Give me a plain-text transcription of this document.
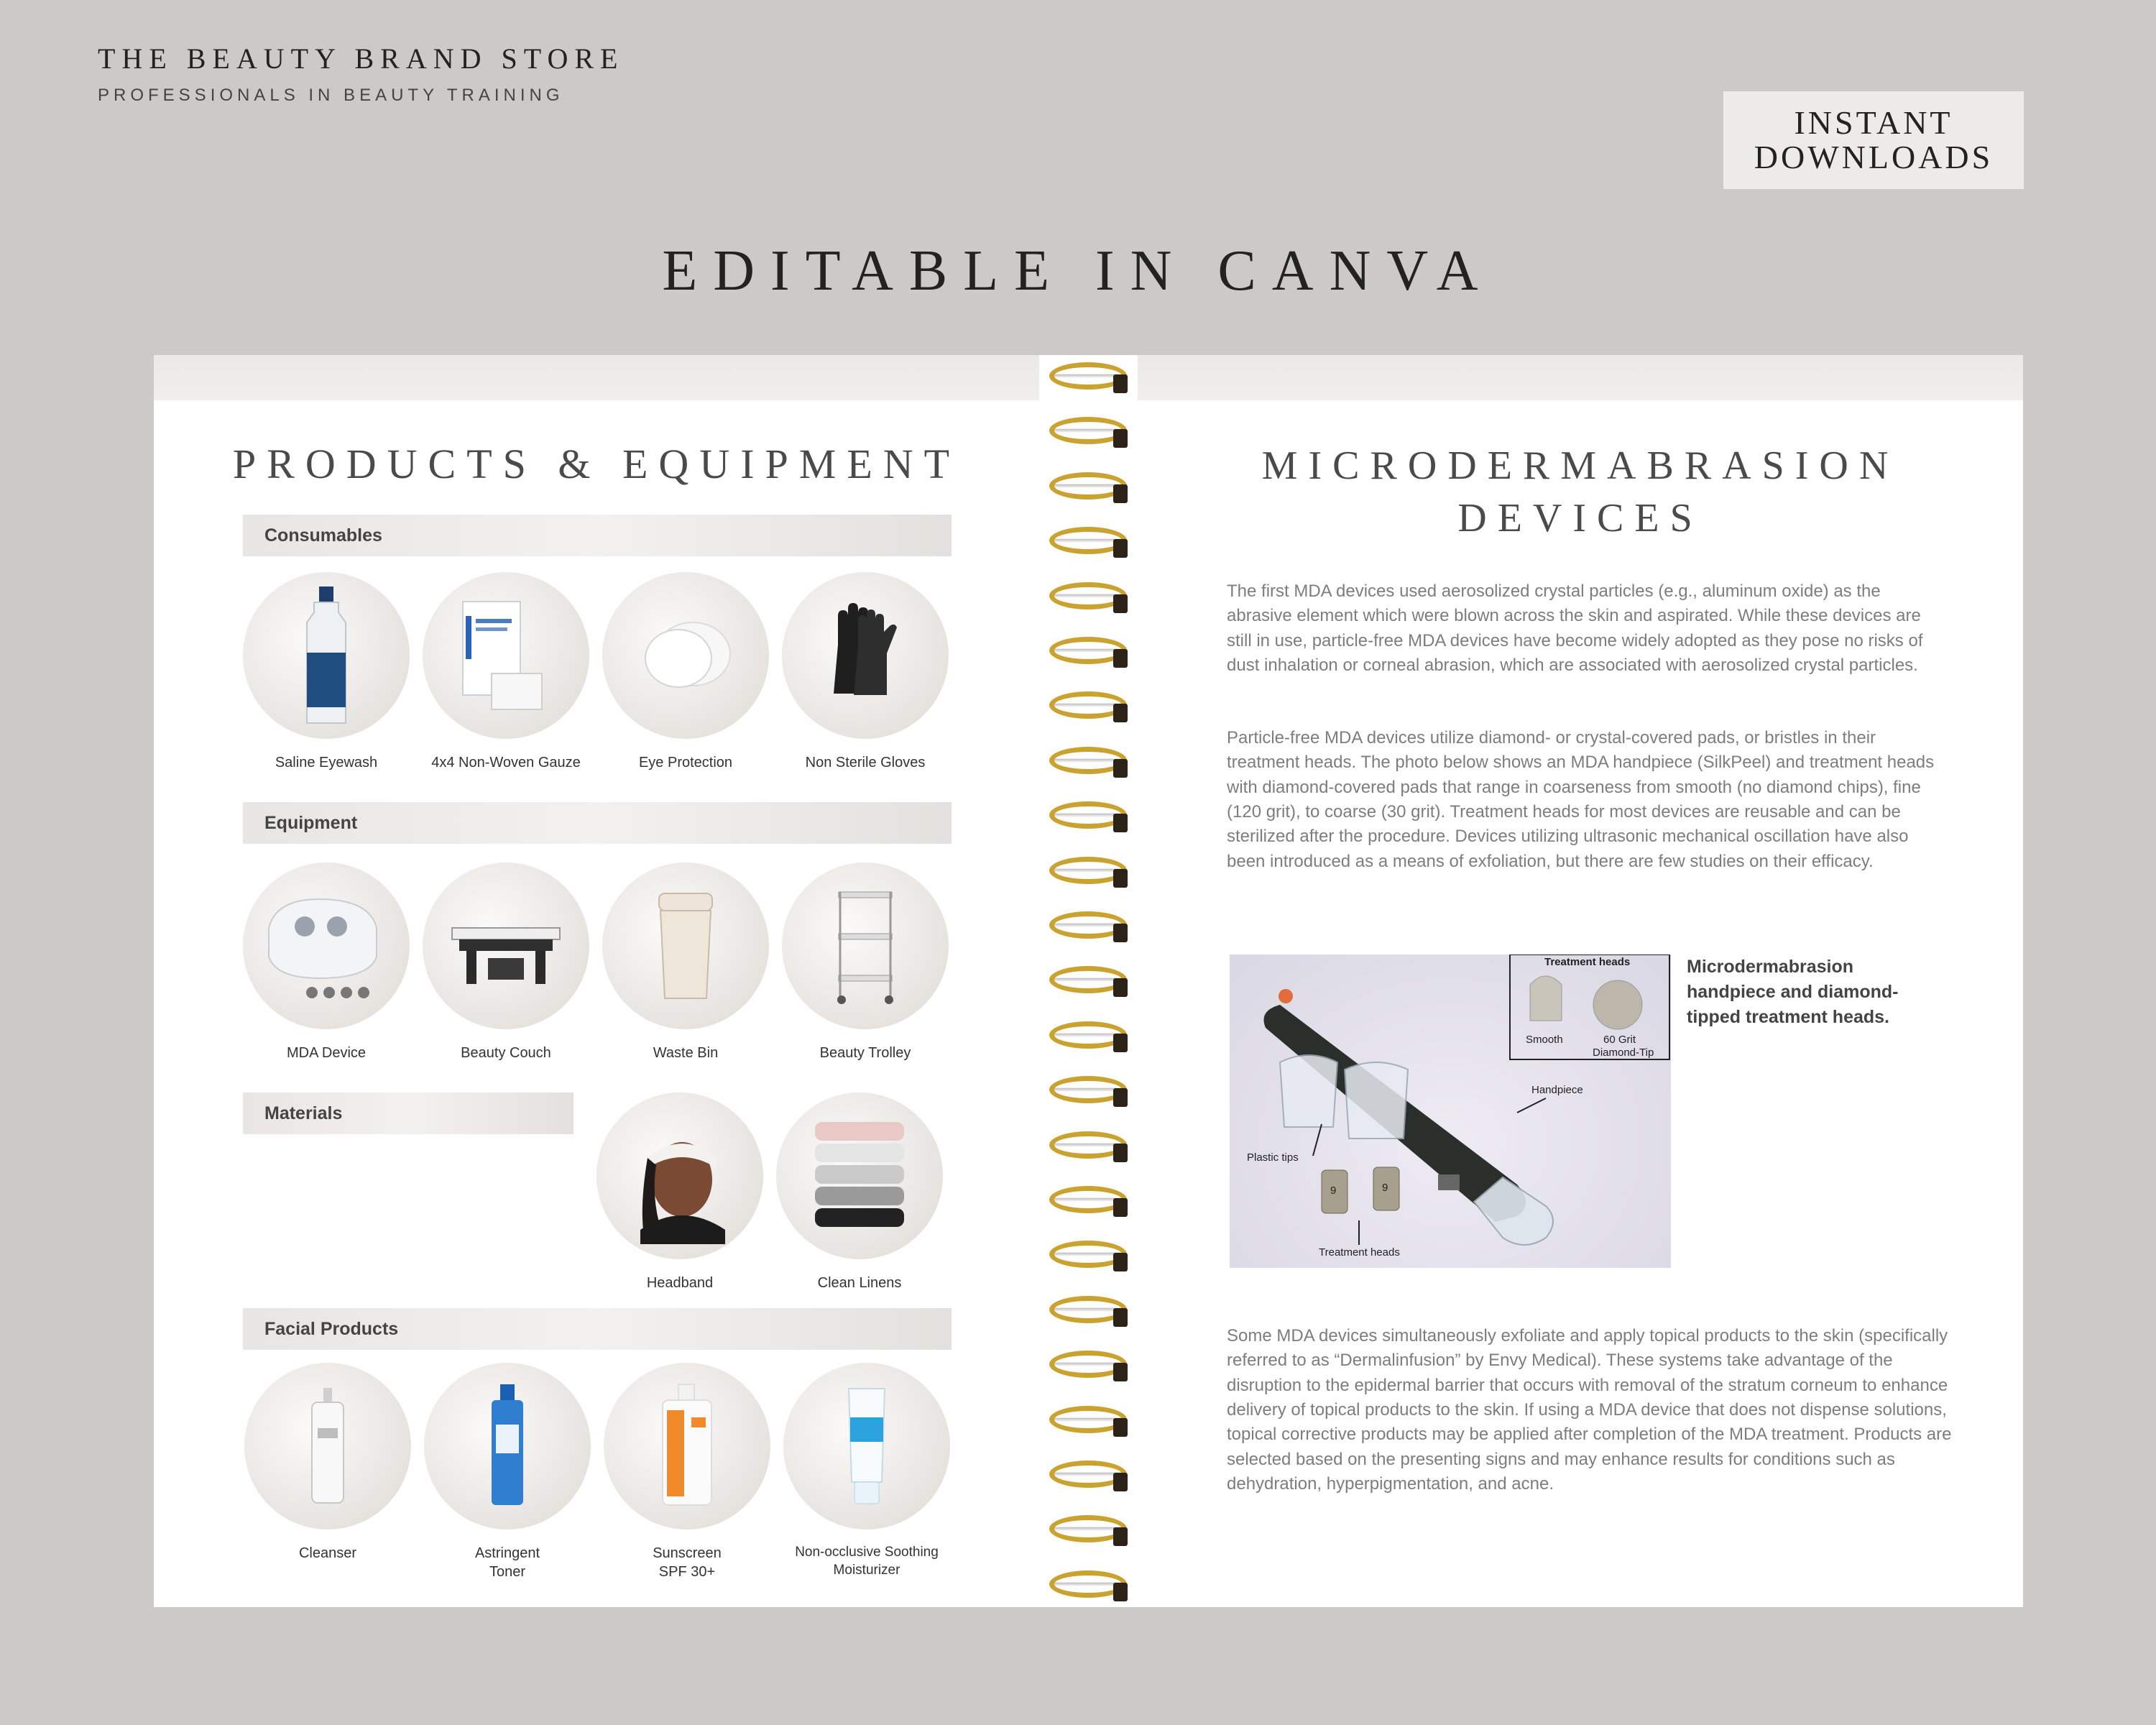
THE BEAUTY BRAND STORE
PROFESSIONALS IN BEAUTY TRAINING
INSTANT
DOWNLOADS
EDITABLE IN CANVA
PRODUCTS & EQUIPMENT
Consumables
Saline Eyewash	4x4 Non-Woven Gauze	Eye Protection	Non Sterile Gloves
Equipment
MDA Device	Beauty Couch	Waste Bin	Beauty Trolley
Materials
Headband	Clean Linens
Facial Products
Cleanser	Astringent
Toner
Sunscreen
SPF 30+
Non-occlusive Soothing
Moisturizer
MICRODERMABRASION
DEVICES
The first MDA devices used aerosolized crystal particles (e.g., aluminum oxide) as the abrasive element which were blown across the skin and aspirated. While these devices are still in use, particle-free MDA devices have become widely adopted as they pose no risks of dust inhalation or corneal abrasion, which are associated with aerosolized crystal particles.
Particle-free MDA devices utilize diamond- or crystal-covered pads, or bristles in their treatment heads. The photo below shows an MDA handpiece (SilkPeel) and treatment heads with diamond-covered pads that range in coarseness from smooth (no diamond chips), fine (120 grit), to coarse (30 grit). Treatment heads for most devices are reusable and can be sterilized after the procedure. Devices utilizing ultrasonic mechanical oscillation have also been introduced as a means of exfoliation, but there are few studies on their efficacy.
Treatment heads
Smooth	60 Grit
Diamond-Tip
Handpiece
Plastic tips
9	9
Treatment heads
Microdermabrasion handpiece and diamond-tipped treatment heads.
Some MDA devices simultaneously exfoliate and apply topical products to the skin (specifically referred to as “Dermalinfusion” by Envy Medical). These systems take advantage of the disruption to the epidermal barrier that occurs with removal of the stratum corneum to enhance delivery of topical products to the skin. If using a MDA device that does not dispense solutions, topical corrective products may be applied after completion of the MDA treatment. Products are selected based on the presenting signs and may enhance results for conditions such as dehydration, hyperpigmentation, and acne.
